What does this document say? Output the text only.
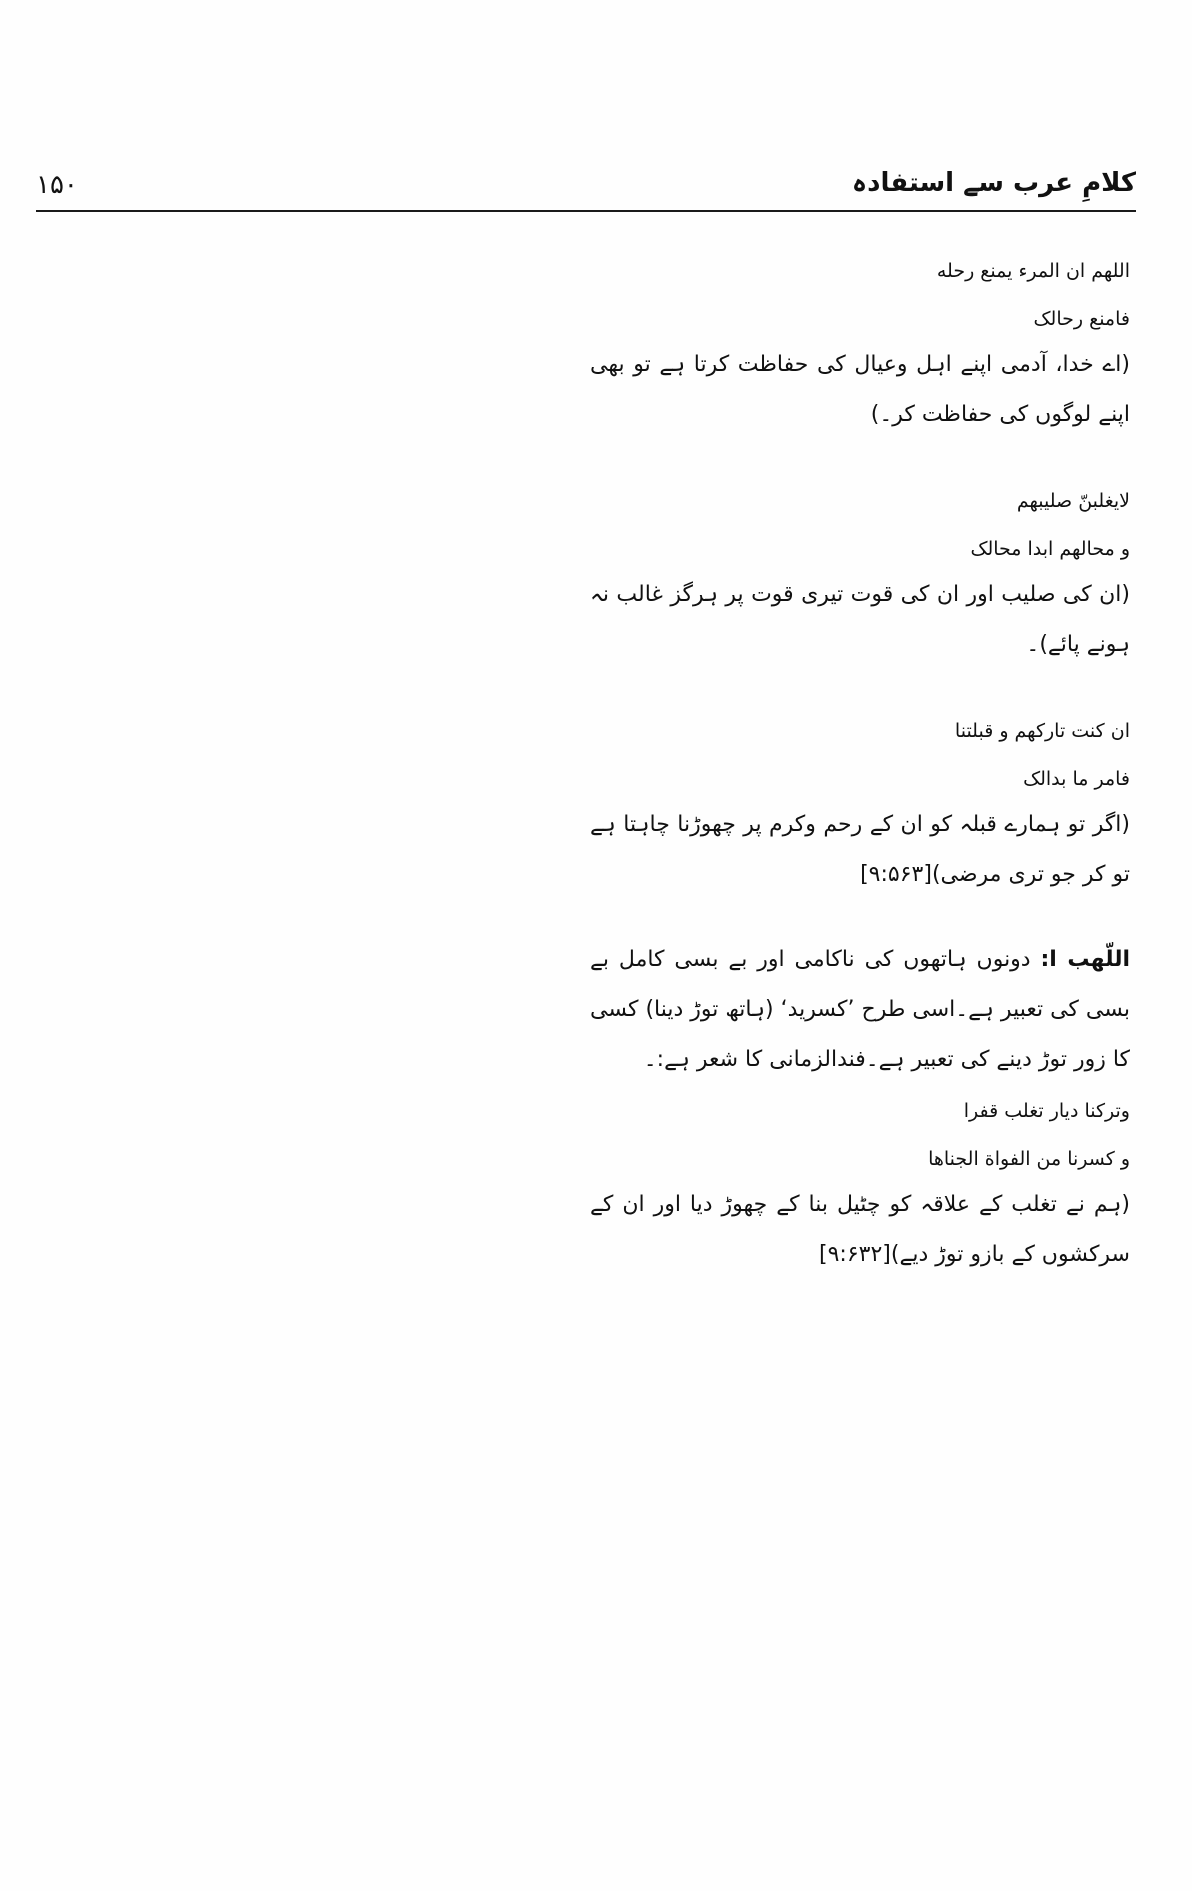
۱۵۰	کلامِ عرب سے استفادہ

اللهم ان المرء يمنع رحله

فامنع رحالک

(اے خدا، آدمی اپنے اہل وعیال کی حفاظت کرتا ہے تو بھی اپنے لوگوں کی حفاظت کر۔)

لايغلبنّ صليبهم

و محالهم ابدا محالک

(ان کی صلیب اور ان کی قوت تیری قوت پر ہرگز غالب نہ ہونے پائے)۔

ان کنت تارکهم و قبلتنا

فامر ما بدالک

(اگر تو ہمارے قبلہ کو ان کے رحم وکرم پر چھوڑنا چاہتا ہے تو کر جو تری مرضی)[۹:۵۶۳]

اللّهب ا: دونوں ہاتھوں کی ناکامی اور بے بسی کامل بے بسی کی تعبیر ہے۔اسی طرح ’کسرید‘ (ہاتھ توڑ دینا) کسی کا زور توڑ دینے کی تعبیر ہے۔فندالزمانی کا شعر ہے:۔

وترکنا ديار تغلب قفرا

و کسرنا من الفواة الجناها

(ہم نے تغلب کے علاقہ کو چٹیل بنا کے چھوڑ دیا اور ان کے سرکشوں کے بازو توڑ دیے)[۹:۶۳۲]
